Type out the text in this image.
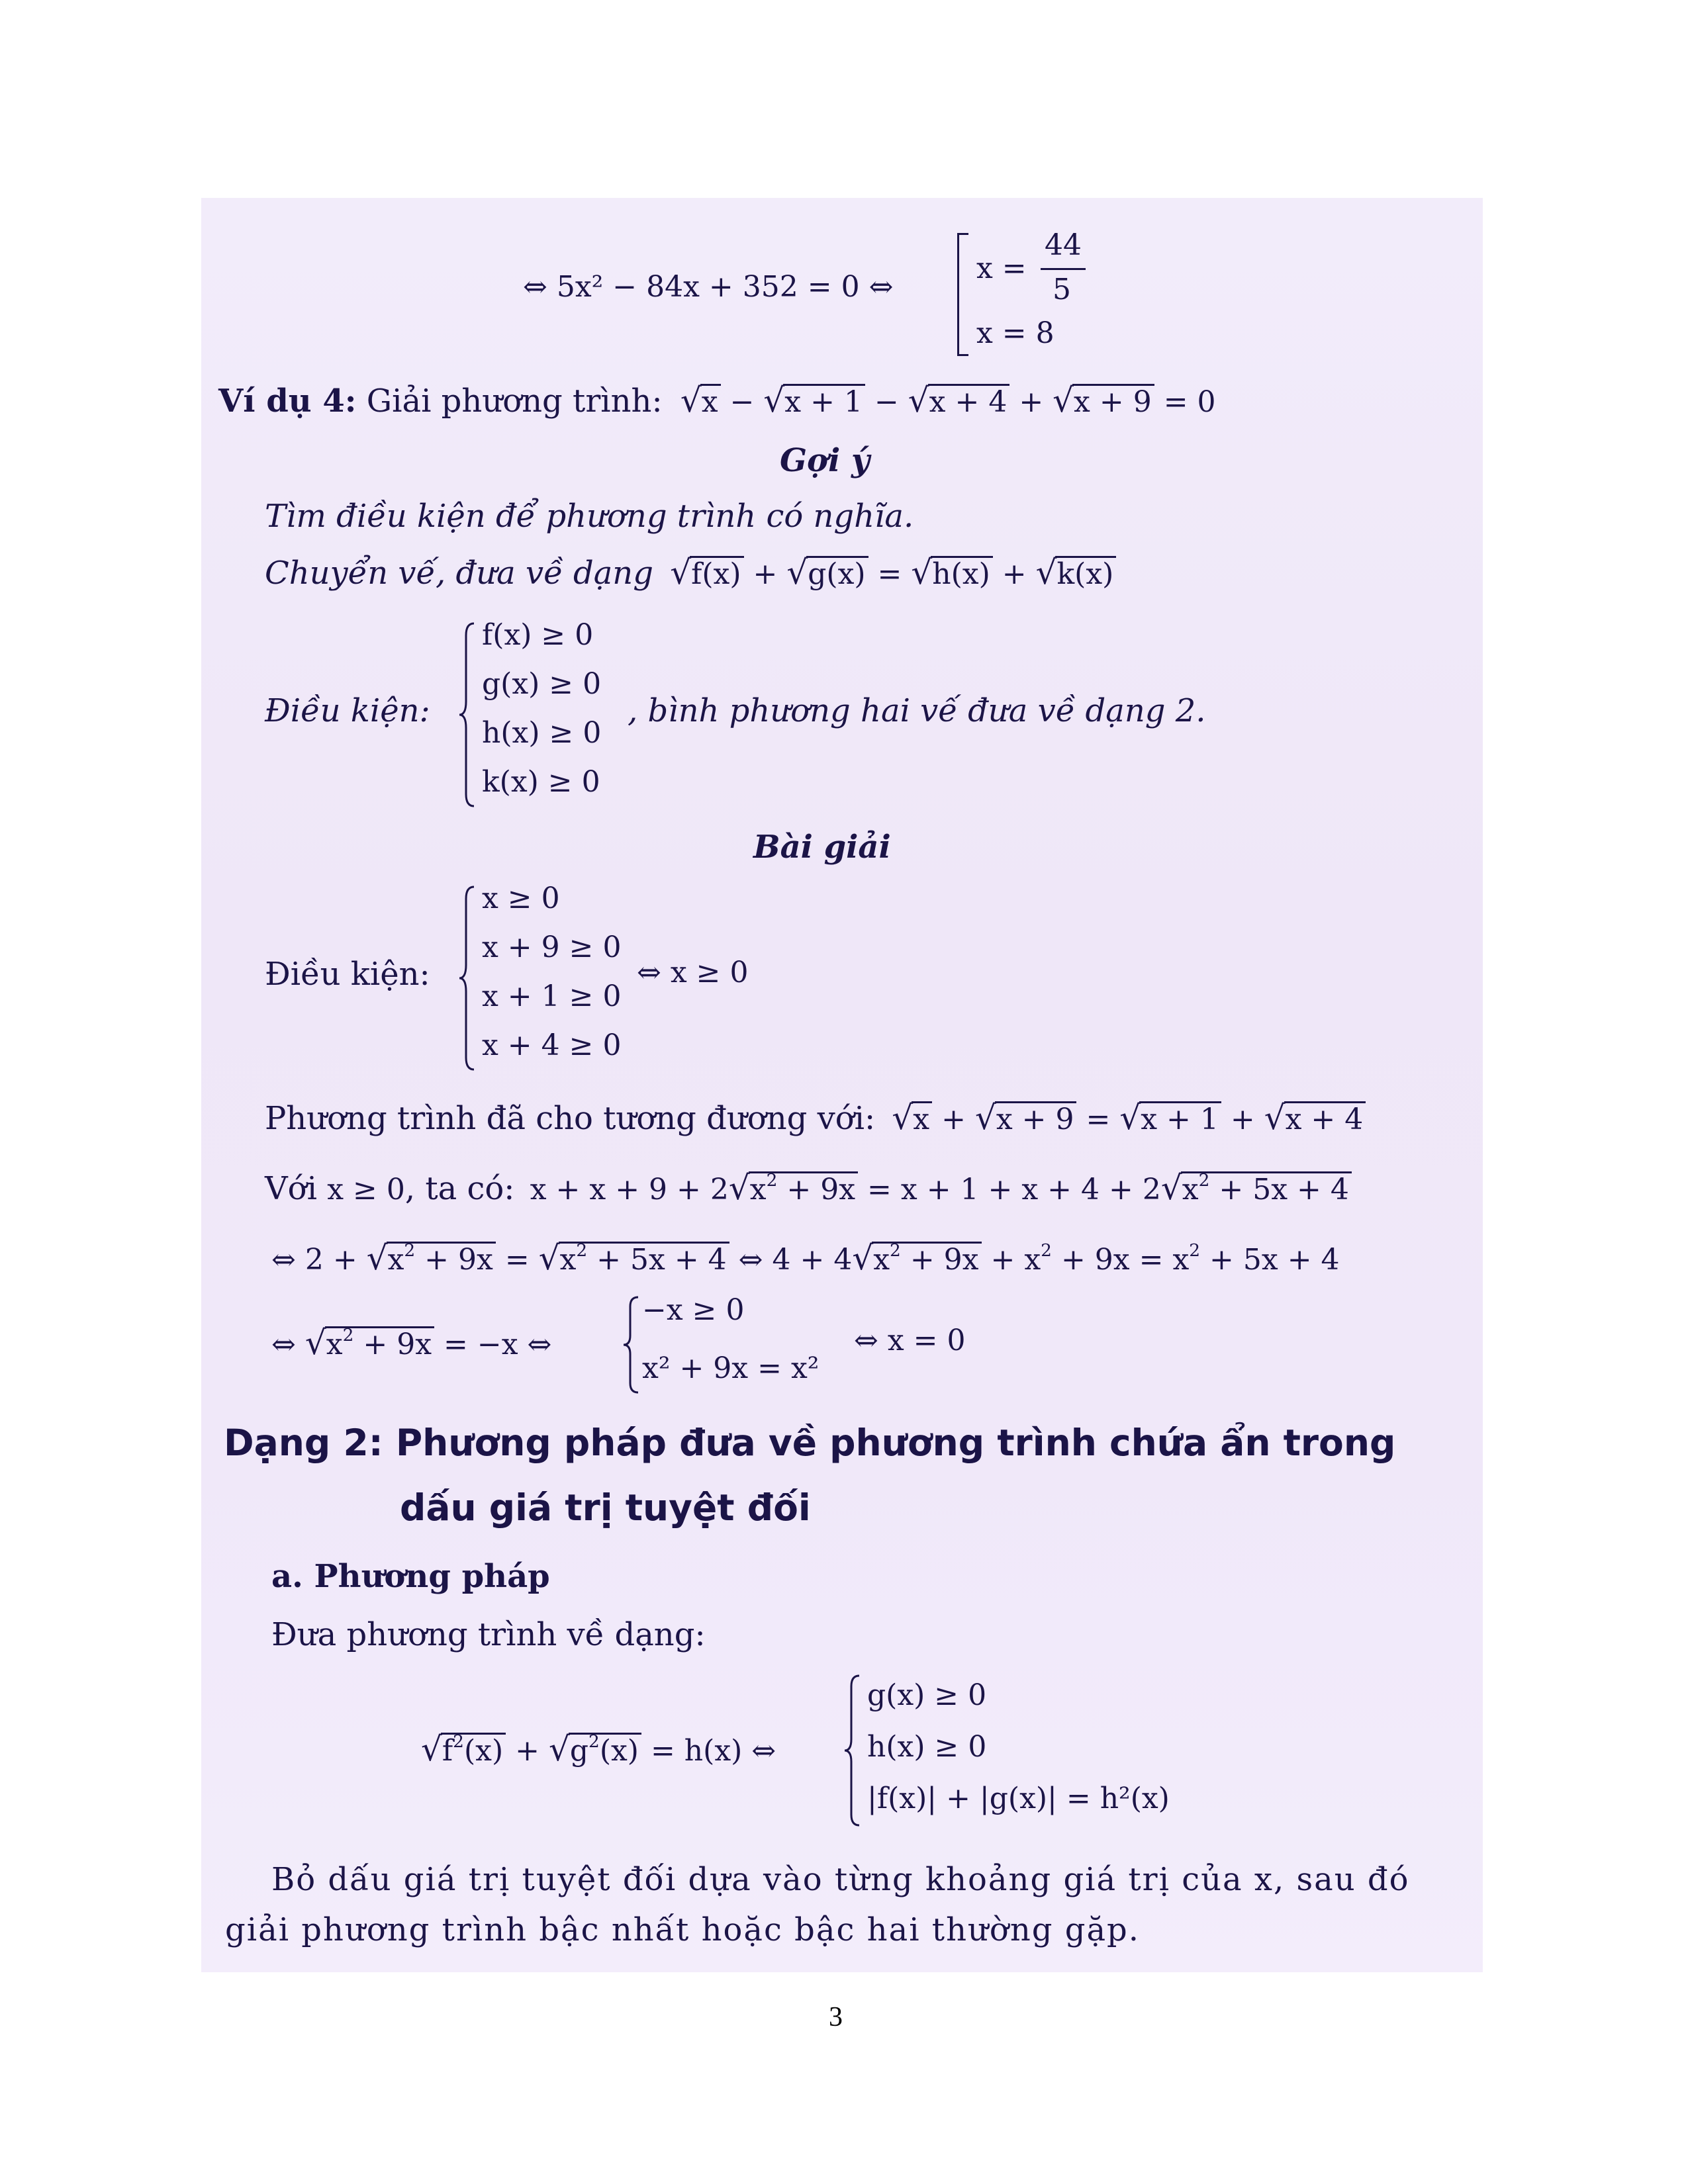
⇔ 5x² − 84x + 352 = 0 ⇔
x =
44
5
x = 8
Ví dụ 4: Giải phương trình: √x − √x + 1 − √x + 4 + √x + 9 = 0
Gợi ý
Tìm điều kiện để phương trình có nghĩa.
Chuyển vế, đưa về dạng √f(x) + √g(x) = √h(x) + √k(x)
Điều kiện:
f(x) ≥ 0
g(x) ≥ 0
h(x) ≥ 0
k(x) ≥ 0
, bình phương hai vế đưa về dạng 2.
Bài giải
Điều kiện:
x ≥ 0
x + 9 ≥ 0
x + 1 ≥ 0
x + 4 ≥ 0
⇔ x ≥ 0
Phương trình đã cho tương đương với: √x + √x + 9 = √x + 1 + √x + 4
Với x ≥ 0, ta có: $x + x + 9 + 2√x^2 + 9x = x + 1 + x + 4 + 2√x^2 + 5x + 4$
⇔ $2 + √x^2 + 9x = √x^2 + 5x + 4$ ⇔ $4 + 4√x^2 + 9x + x^2 + 9x = x^2 + 5x + 4$
⇔ $√x^2 + 9x = -x$ ⇔
−x ≥ 0
x² + 9x = x²
⇔ x = 0
Dạng 2: Phương pháp đưa về phương trình chứa ẩn trong
dấu giá trị tuyệt đối
a. Phương pháp
Đưa phương trình về dạng:
$√f^2(x) + √g^2(x) = h(x)$ ⇔
g(x) ≥ 0
h(x) ≥ 0
|f(x)| + |g(x)| = h²(x)
Bỏ dấu giá trị tuyệt đối dựa vào từng khoảng giá trị của x, sau đó
giải phương trình bậc nhất hoặc bậc hai thường gặp.
3
